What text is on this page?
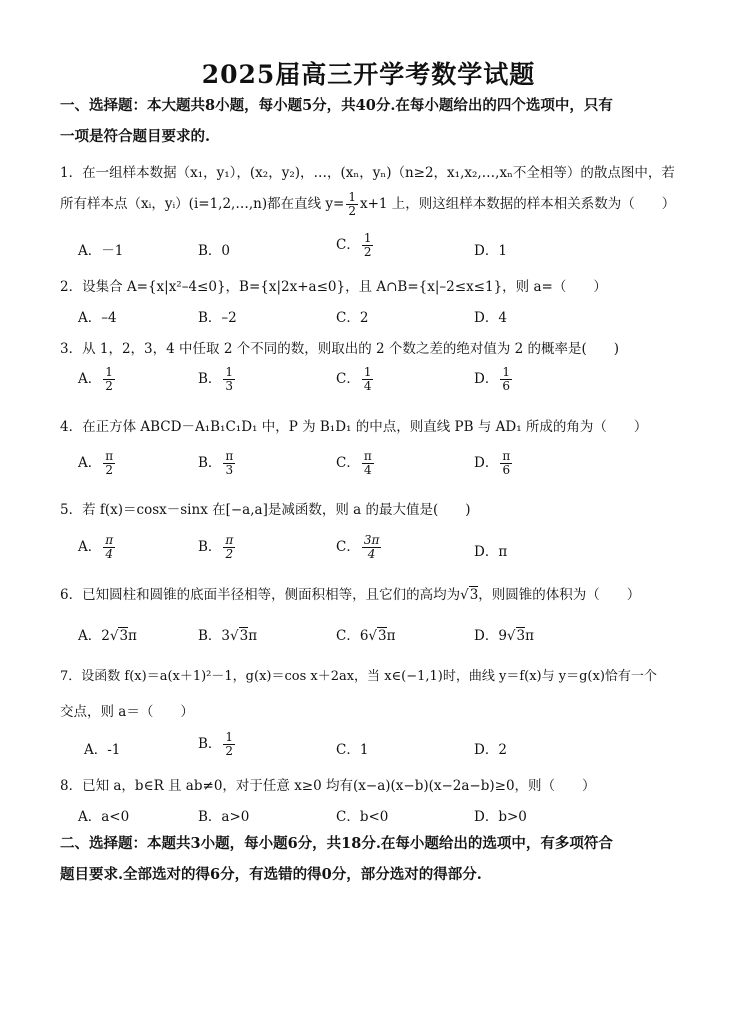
2025届高三开学考数学试题
一、选择题：本大题共8小题，每小题5分，共40分.在每小题给出的四个选项中，只有
一项是符合题目要求的.
1．在一组样本数据（x₁，y₁），(x₂，y₂)，…，(xₙ，yₙ)（n≥2，x₁,x₂,…,xₙ不全相等）的散点图中，若
所有样本点（xᵢ，yᵢ）(i=1,2,…,n)都在直线 $y= \frac{1}{2} x+1$ 上，则这组样本数据的样本相关系数为（　　）
A．－1	B．0	C． $\frac{1}{2}$	D．1
2．设集合 A={x|x²–4≤0}，B={x|2x+a≤0}，且 A∩B={x|–2≤x≤1}，则 a=（　　）
A．–4	B．–2	C．2	D．4
3．从 1，2，3，4 中任取 2 个不同的数，则取出的 2 个数之差的绝对值为 2 的概率是(　　)
A． $\frac{1}{2}$	B． $\frac{1}{3}$	C． $\frac{1}{4}$	D． $\frac{1}{6}$
4．在正方体 ABCD－A₁B₁C₁D₁ 中，P 为 B₁D₁ 的中点，则直线 PB 与 AD₁ 所成的角为（　　）
A． $\frac{\pi}{2}$	B． $\frac{\pi}{3}$	C． $\frac{\pi}{4}$	D． $\frac{\pi}{6}$
5．若 f(x)＝cosx－sinx 在[−a,a]是减函数，则 a 的最大值是(　　)
A． $\frac{\pi}{4}$	B． $\frac{\pi}{2}$	C． $\frac{3\pi}{4}$	D．π
6．已知圆柱和圆锥的底面半径相等，侧面积相等，且它们的高均为√3，则圆锥的体积为（　　）
A．2√3π	B．3√3π	C．6√3π	D．9√3π
7．设函数 f(x)＝a(x＋1)²－1，g(x)＝cos x＋2ax，当 x∈(−1,1)时，曲线 y＝f(x)与 y＝g(x)恰有一个
交点，则 a＝（　　）
A．-1	B． $\frac{1}{2}$	C．1	D．2
8．已知 a，b∈R 且 ab≠0，对于任意 x≥0 均有(x−a)(x−b)(x−2a−b)≥0，则（　　）
A．a<0	B．a>0	C．b<0	D．b>0
二、选择题：本题共3小题，每小题6分，共18分.在每小题给出的选项中，有多项符合
题目要求.全部选对的得6分，有选错的得0分，部分选对的得部分.
